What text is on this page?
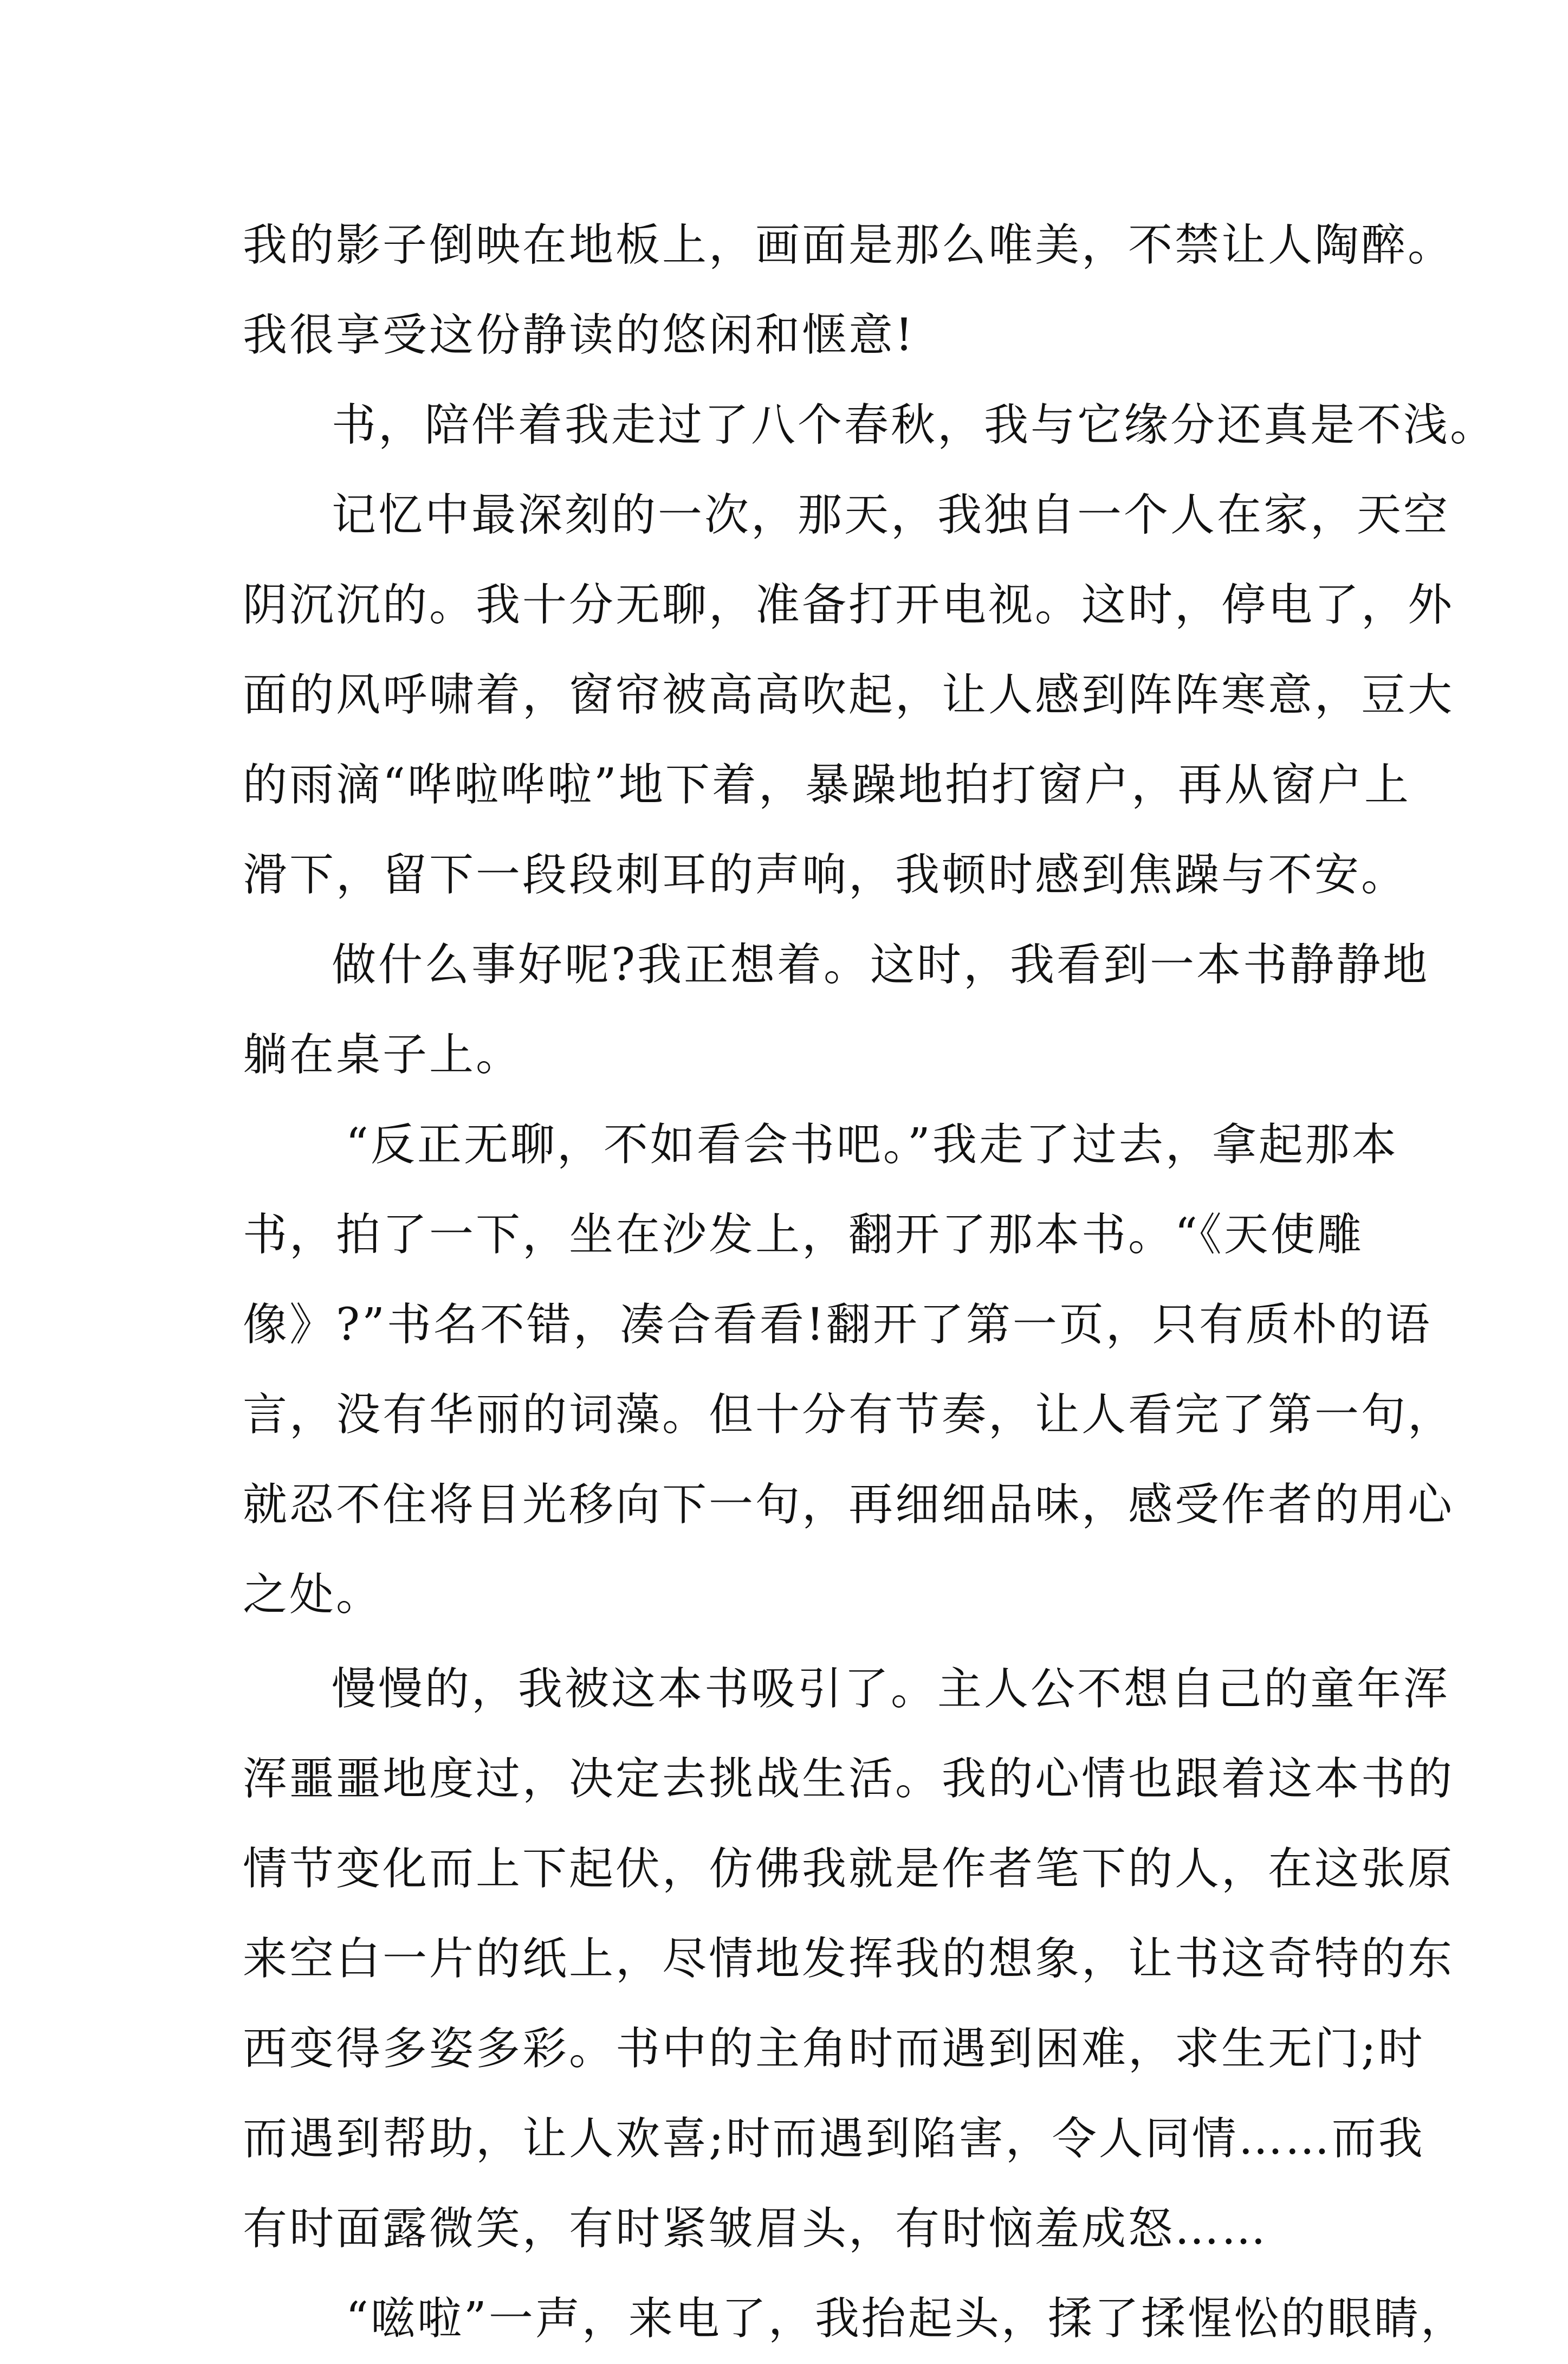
我的影子倒映在地板上，画面是那么唯美，不禁让人陶醉。
我很享受这份静读的悠闲和惬意!
书，陪伴着我走过了八个春秋，我与它缘分还真是不浅。
记忆中最深刻的一次，那天，我独自一个人在家，天空
阴沉沉的。我十分无聊，准备打开电视。这时，停电了，外
面的风呼啸着，窗帘被高高吹起，让人感到阵阵寒意，豆大
的雨滴“哗啦哗啦”地下着，暴躁地拍打窗户，再从窗户上
滑下，留下一段段刺耳的声响，我顿时感到焦躁与不安。
做什么事好呢?我正想着。这时，我看到一本书静静地
躺在桌子上。
“反正无聊，不如看会书吧。”我走了过去，拿起那本
书，拍了一下，坐在沙发上，翻开了那本书。“《天使雕
像》?”书名不错，凑合看看!翻开了第一页，只有质朴的语
言，没有华丽的词藻。但十分有节奏，让人看完了第一句，
就忍不住将目光移向下一句，再细细品味，感受作者的用心
之处。
慢慢的，我被这本书吸引了。主人公不想自己的童年浑
浑噩噩地度过，决定去挑战生活。我的心情也跟着这本书的
情节变化而上下起伏，仿佛我就是作者笔下的人，在这张原
来空白一片的纸上，尽情地发挥我的想象，让书这奇特的东
西变得多姿多彩。书中的主角时而遇到困难，求生无门;时
而遇到帮助，让人欢喜;时而遇到陷害，令人同情……而我
有时面露微笑，有时紧皱眉头，有时恼羞成怒……
“嗞啦”一声，来电了，我抬起头，揉了揉惺忪的眼睛，
